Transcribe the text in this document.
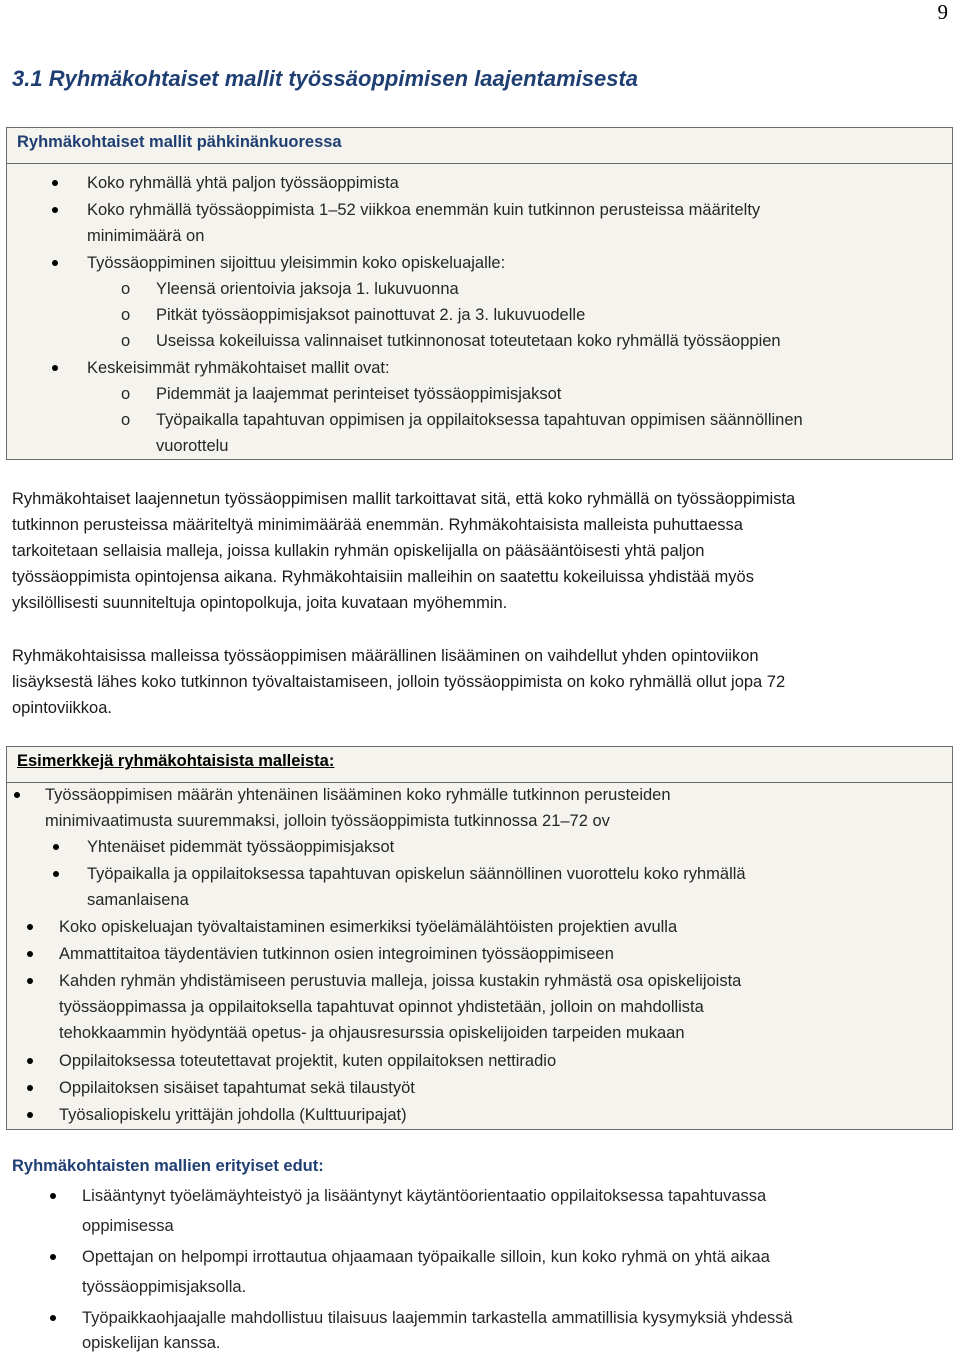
9
3.1 Ryhmäkohtaiset mallit työssäoppimisen laajentamisesta
Ryhmäkohtaiset mallit pähkinänkuoressa
Koko ryhmällä yhtä paljon työssäoppimista
Koko ryhmällä työssäoppimista 1–52 viikkoa enemmän kuin tutkinnon perusteissa määritelty
minimimäärä on
Työssäoppiminen sijoittuu yleisimmin koko opiskeluajalle:
o Yleensä orientoivia jaksoja 1. lukuvuonna
o Pitkät työssäoppimisjaksot painottuvat 2. ja 3. lukuvuodelle
o Useissa kokeiluissa valinnaiset tutkinnonosat toteutetaan koko ryhmällä työssäoppien
Keskeisimmät ryhmäkohtaiset mallit ovat:
o Pidemmät ja laajemmat perinteiset työssäoppimisjaksot
o Työpaikalla tapahtuvan oppimisen ja oppilaitoksessa tapahtuvan oppimisen säännöllinen
vuorottelu
Ryhmäkohtaiset laajennetun työssäoppimisen mallit tarkoittavat sitä, että koko ryhmällä on työssäoppimista
tutkinnon perusteissa määriteltyä minimimäärää enemmän. Ryhmäkohtaisista malleista puhuttaessa
tarkoitetaan sellaisia malleja, joissa kullakin ryhmän opiskelijalla on pääsääntöisesti yhtä paljon
työssäoppimista opintojensa aikana. Ryhmäkohtaisiin malleihin on saatettu kokeiluissa yhdistää myös
yksilöllisesti suunniteltuja opintopolkuja, joita kuvataan myöhemmin.
Ryhmäkohtaisissa malleissa työssäoppimisen määrällinen lisääminen on vaihdellut yhden opintoviikon
lisäyksestä lähes koko tutkinnon työvaltaistamiseen, jolloin työssäoppimista on koko ryhmällä ollut jopa 72
opintoviikkoa.
Esimerkkejä ryhmäkohtaisista malleista:
Työssäoppimisen määrän yhtenäinen lisääminen koko ryhmälle tutkinnon perusteiden
minimivaatimusta suuremmaksi, jolloin työssäoppimista tutkinnossa 21–72 ov
Yhtenäiset pidemmät työssäoppimisjaksot
Työpaikalla ja oppilaitoksessa tapahtuvan opiskelun säännöllinen vuorottelu koko ryhmällä
samanlaisena
Koko opiskeluajan työvaltaistaminen esimerkiksi työelämälähtöisten projektien avulla
Ammattitaitoa täydentävien tutkinnon osien integroiminen työssäoppimiseen
Kahden ryhmän yhdistämiseen perustuvia malleja, joissa kustakin ryhmästä osa opiskelijoista
työssäoppimassa ja oppilaitoksella tapahtuvat opinnot yhdistetään, jolloin on mahdollista
tehokkaammin hyödyntää opetus- ja ohjausresurssia opiskelijoiden tarpeiden mukaan
Oppilaitoksessa toteutettavat projektit, kuten oppilaitoksen nettiradio
Oppilaitoksen sisäiset tapahtumat sekä tilaustyöt
Työsaliopiskelu yrittäjän johdolla (Kulttuuripajat)
Ryhmäkohtaisten mallien erityiset edut:
Lisääntynyt työelämäyhteistyö ja lisääntynyt käytäntöorientaatio oppilaitoksessa tapahtuvassa
oppimisessa
Opettajan on helpompi irrottautua ohjaamaan työpaikalle silloin, kun koko ryhmä on yhtä aikaa
työssäoppimisjaksolla.
Työpaikkaohjaajalle mahdollistuu tilaisuus laajemmin tarkastella ammatillisia kysymyksiä yhdessä
opiskelijan kanssa.
